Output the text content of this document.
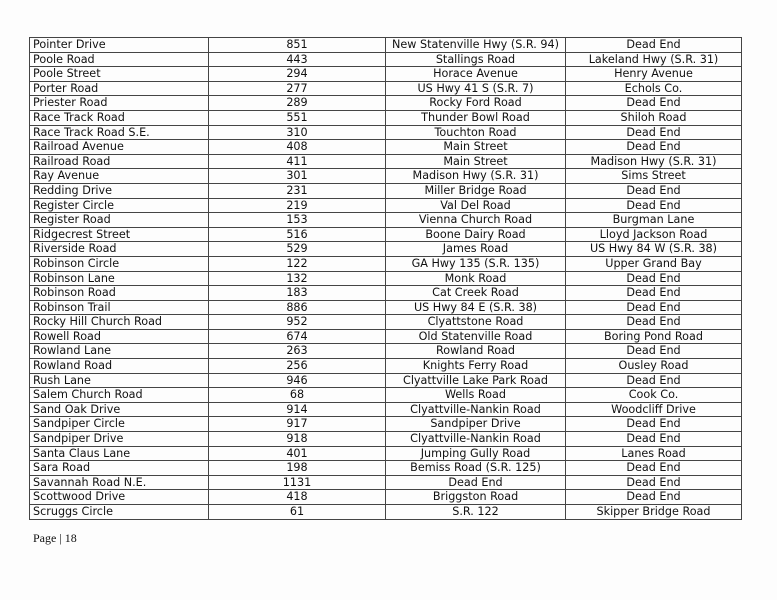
Pointer Drive	851	New Statenville Hwy (S.R. 94)	Dead End
Poole Road	443	Stallings Road	Lakeland Hwy (S.R. 31)
Poole Street	294	Horace Avenue	Henry Avenue
Porter Road	277	US Hwy 41 S (S.R. 7)	Echols Co.
Priester Road	289	Rocky Ford Road	Dead End
Race Track Road	551	Thunder Bowl Road	Shiloh Road
Race Track Road S.E.	310	Touchton Road	Dead End
Railroad Avenue	408	Main Street	Dead End
Railroad Road	411	Main Street	Madison Hwy (S.R. 31)
Ray Avenue	301	Madison Hwy (S.R. 31)	Sims Street
Redding Drive	231	Miller Bridge Road	Dead End
Register Circle	219	Val Del Road	Dead End
Register Road	153	Vienna Church Road	Burgman Lane
Ridgecrest Street	516	Boone Dairy Road	Lloyd Jackson Road
Riverside Road	529	James Road	US Hwy 84 W (S.R. 38)
Robinson Circle	122	GA Hwy 135 (S.R. 135)	Upper Grand Bay
Robinson Lane	132	Monk Road	Dead End
Robinson Road	183	Cat Creek Road	Dead End
Robinson Trail	886	US Hwy 84 E (S.R. 38)	Dead End
Rocky Hill Church Road	952	Clyattstone Road	Dead End
Rowell Road	674	Old Statenville Road	Boring Pond Road
Rowland Lane	263	Rowland Road	Dead End
Rowland Road	256	Knights Ferry Road	Ousley Road
Rush Lane	946	Clyattville Lake Park Road	Dead End
Salem Church Road	68	Wells Road	Cook Co.
Sand Oak Drive	914	Clyattville-Nankin Road	Woodcliff Drive
Sandpiper Circle	917	Sandpiper Drive	Dead End
Sandpiper Drive	918	Clyattville-Nankin Road	Dead End
Santa Claus Lane	401	Jumping Gully Road	Lanes Road
Sara Road	198	Bemiss Road (S.R. 125)	Dead End
Savannah Road N.E.	1131	Dead End	Dead End
Scottwood Drive	418	Briggston Road	Dead End
Scruggs Circle	61	S.R. 122	Skipper Bridge Road
Page | 18
